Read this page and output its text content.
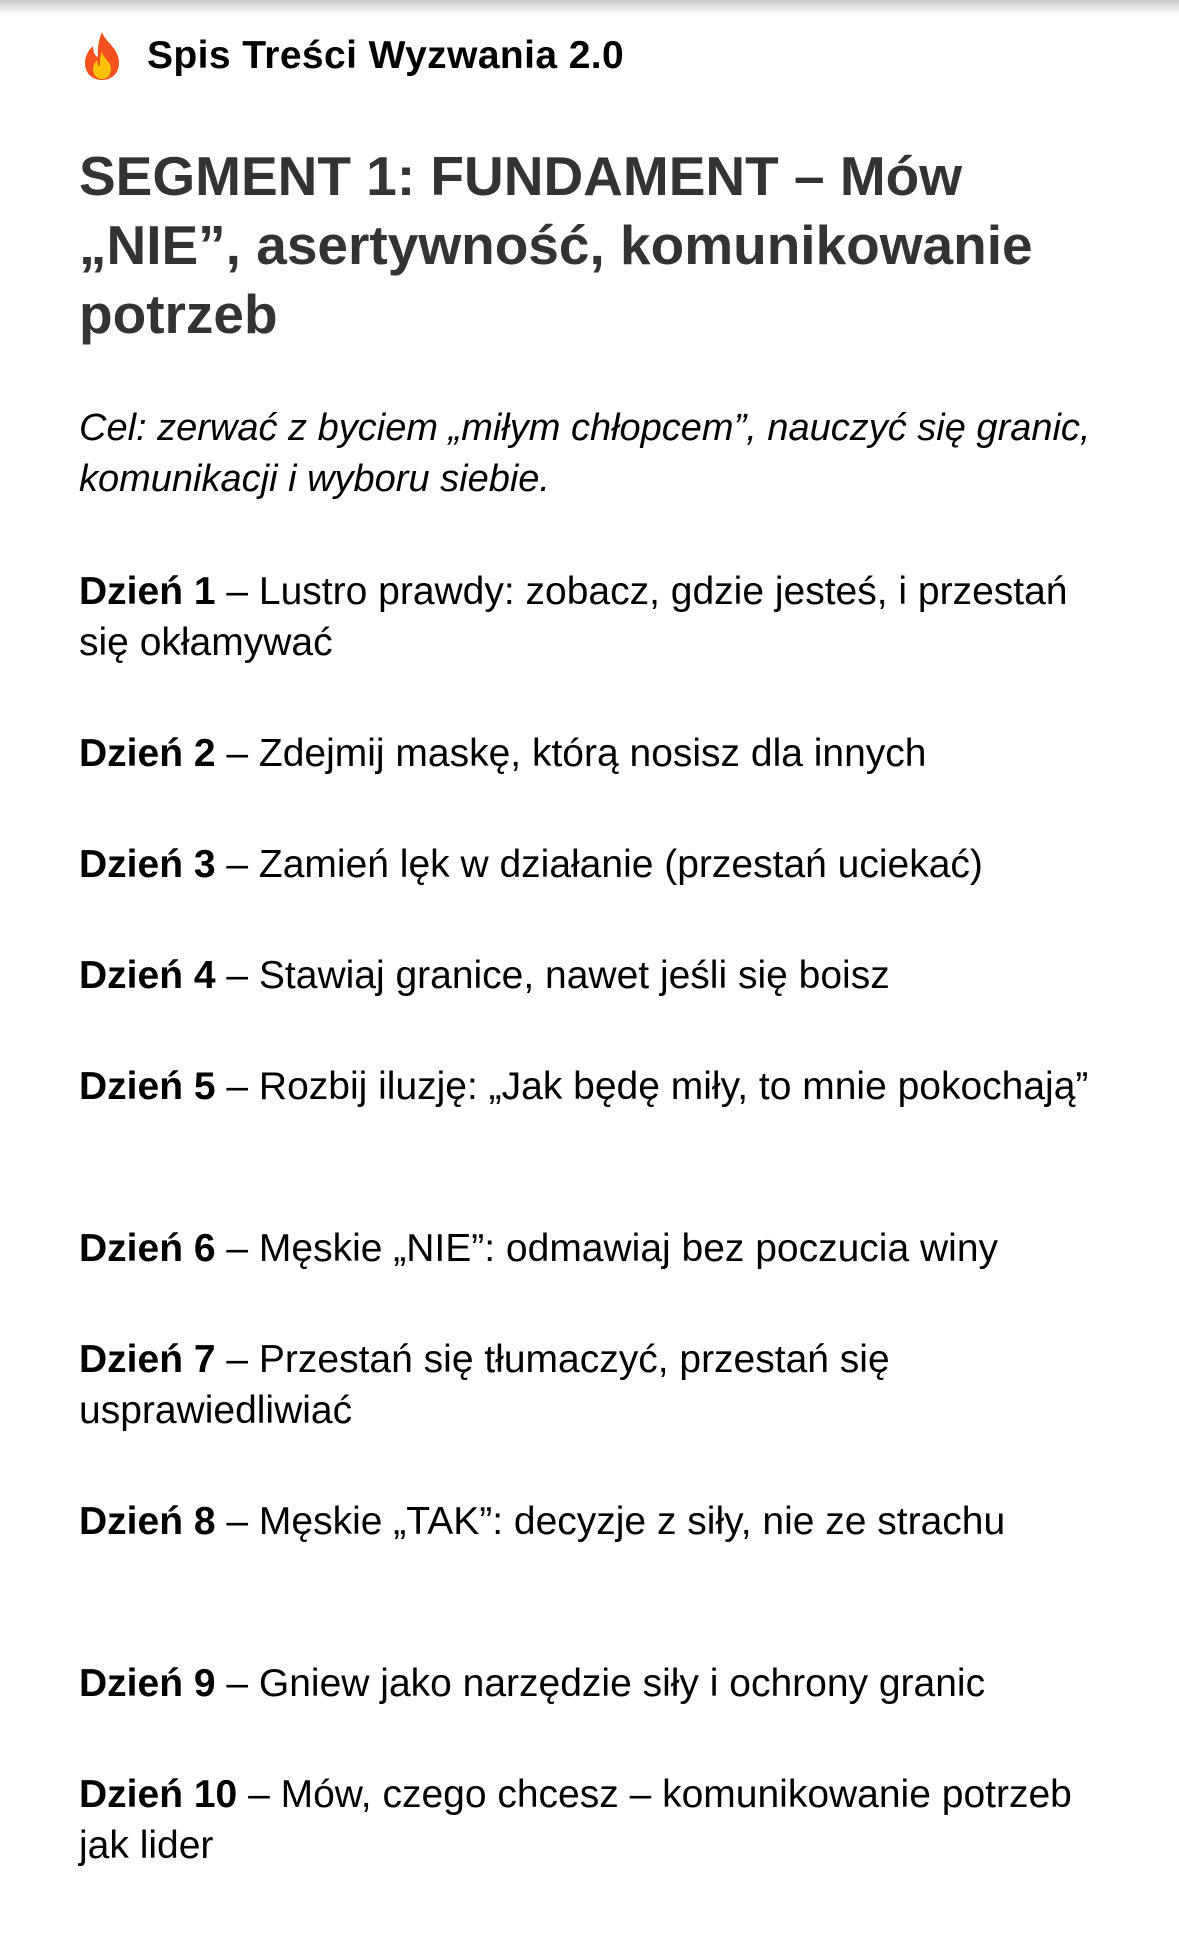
Spis Treści Wyzwania 2.0
SEGMENT 1: FUNDAMENT – Mów „NIE”, asertywność, komunikowanie potrzeb

Cel: zerwać z byciem „miłym chłopcem”, nauczyć się granic, komunikacji i wyboru siebie.

Dzień 1 – Lustro prawdy: zobacz, gdzie jesteś, i przestań się okłamywać

Dzień 2 – Zdejmij maskę, którą nosisz dla innych

Dzień 3 – Zamień lęk w działanie (przestań uciekać)

Dzień 4 – Stawiaj granice, nawet jeśli się boisz

Dzień 5 – Rozbij iluzję: „Jak będę miły, to mnie pokochają”

Dzień 6 – Męskie „NIE”: odmawiaj bez poczucia winy

Dzień 7 – Przestań się tłumaczyć, przestań się usprawiedliwiać

Dzień 8 – Męskie „TAK”: decyzje z siły, nie ze strachu

Dzień 9 – Gniew jako narzędzie siły i ochrony granic

Dzień 10 – Mów, czego chcesz – komunikowanie potrzeb jak lider
